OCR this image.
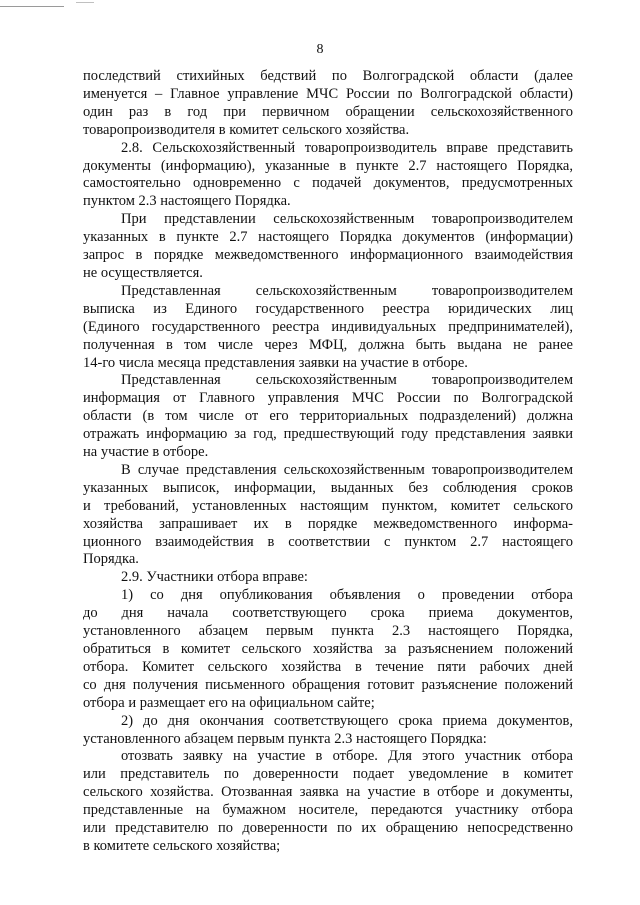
8

последствий стихийных бедствий по Волгоградской области (далее

именуется – Главное управление МЧС России по Волгоградской области)

один раз в год при первичном обращении сельскохозяйственного

товаропроизводителя в комитет сельского хозяйства.

2.8. Сельскохозяйственный товаропроизводитель вправе представить

документы (информацию), указанные в пункте 2.7 настоящего Порядка,

самостоятельно одновременно с подачей документов, предусмотренных

пунктом 2.3 настоящего Порядка.

При представлении сельскохозяйственным товаропроизводителем

указанных в пункте 2.7 настоящего Порядка документов (информации)

запрос в порядке межведомственного информационного взаимодействия

не осуществляется.

Представленная сельскохозяйственным товаропроизводителем

выписка из Единого государственного реестра юридических лиц

(Единого государственного реестра индивидуальных предпринимателей),

полученная в том числе через МФЦ, должна быть выдана не ранее

14-го числа месяца представления заявки на участие в отборе.

Представленная сельскохозяйственным товаропроизводителем

информация от Главного управления МЧС России по Волгоградской

области (в том числе от его территориальных подразделений) должна

отражать информацию за год, предшествующий году представления заявки

на участие в отборе.

В случае представления сельскохозяйственным товаропроизводителем

указанных выписок, информации, выданных без соблюдения сроков

и требований, установленных настоящим пунктом, комитет сельского

хозяйства запрашивает их в порядке межведомственного информа-

ционного взаимодействия в соответствии с пунктом 2.7 настоящего

Порядка.

2.9. Участники отбора вправе:

1) со дня опубликования объявления о проведении отбора

до дня начала соответствующего срока приема документов,

установленного абзацем первым пункта 2.3 настоящего Порядка,

обратиться в комитет сельского хозяйства за разъяснением положений

отбора. Комитет сельского хозяйства в течение пяти рабочих дней

со дня получения письменного обращения готовит разъяснение положений

отбора и размещает его на официальном сайте;

2) до дня окончания соответствующего срока приема документов,

установленного абзацем первым пункта 2.3 настоящего Порядка:

отозвать заявку на участие в отборе. Для этого участник отбора

или представитель по доверенности подает уведомление в комитет

сельского хозяйства. Отозванная заявка на участие в отборе и документы,

представленные на бумажном носителе, передаются участнику отбора

или представителю по доверенности по их обращению непосредственно

в комитете сельского хозяйства;
